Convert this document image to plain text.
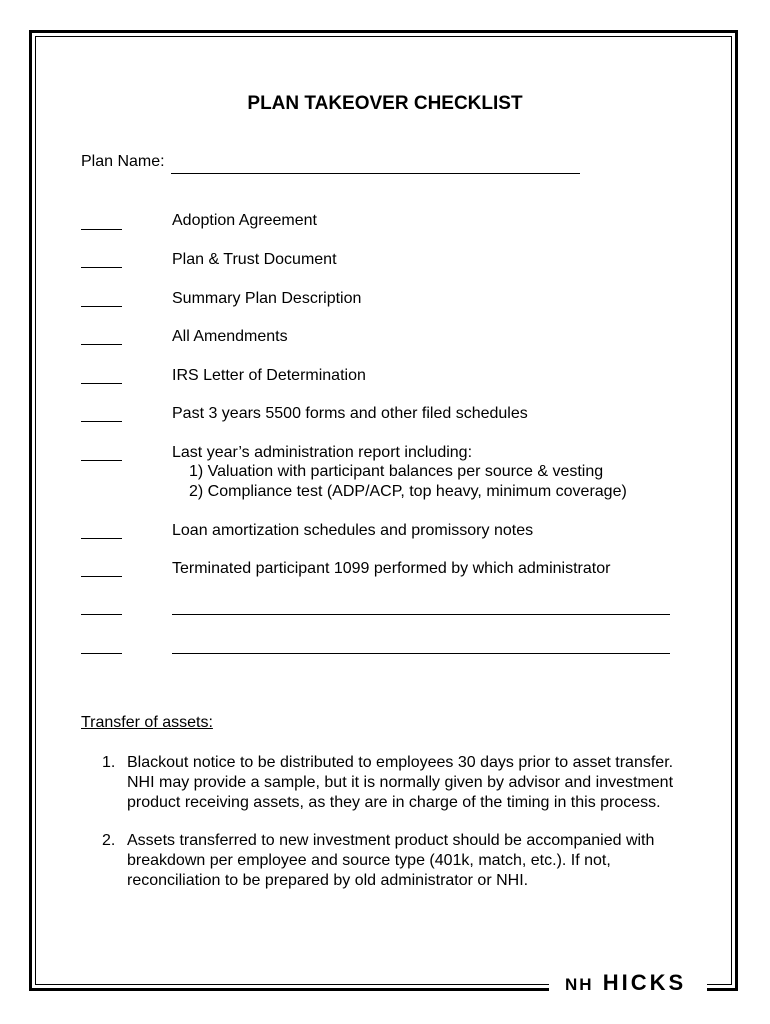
PLAN TAKEOVER CHECKLIST
Plan Name:
Adoption Agreement
Plan & Trust Document
Summary Plan Description
All Amendments
IRS Letter of Determination
Past 3 years 5500 forms and other filed schedules
Last year’s administration report including:
1) Valuation with participant balances per source & vesting
2) Compliance test (ADP/ACP, top heavy, minimum coverage)
Loan amortization schedules and promissory notes
Terminated participant 1099 performed by which administrator
Transfer of assets:
1. Blackout notice to be distributed to employees 30 days prior to asset transfer.
NHI may provide a sample, but it is normally given by advisor and investment
product receiving assets, as they are in charge of the timing in this process.
2. Assets transferred to new investment product should be accompanied with
breakdown per employee and source type (401k, match, etc.). If not,
reconciliation to be prepared by old administrator or NHI.
NH HICKS
